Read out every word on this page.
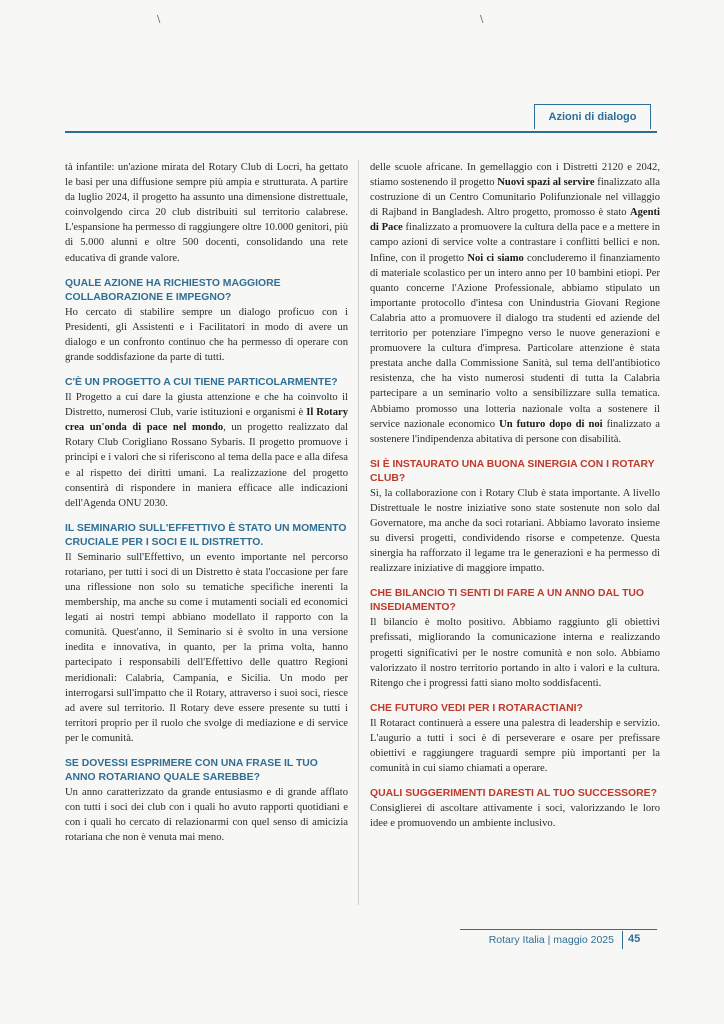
\	\
Azioni di dialogo

tà infantile: un'azione mirata del Rotary Club di Locri, ha gettato le basi per una diffusione sempre più ampia e strutturata. A partire da luglio 2024, il progetto ha assunto una dimensione distrettuale, coinvolgendo circa 20 club distribuiti sul territorio calabrese. L'espansione ha permesso di raggiungere oltre 10.000 genitori, più di 5.000 alunni e oltre 500 docenti, consolidando una rete educativa di grande valore.

QUALE AZIONE HA RICHIESTO MAGGIORE COLLABORAZIONE E IMPEGNO?

Ho cercato di stabilire sempre un dialogo proficuo con i Presidenti, gli Assistenti e i Facilitatori in modo di avere un dialogo e un confronto continuo che ha permesso di operare con grande soddisfazione da parte di tutti.

C'È UN PROGETTO A CUI TIENE PARTICOLARMENTE?

Il Progetto a cui dare la giusta attenzione e che ha coinvolto il Distretto, numerosi Club, varie istituzioni e organismi è Il Rotary crea un'onda di pace nel mondo, un progetto realizzato dal Rotary Club Corigliano Rossano Sybaris. Il progetto promuove i principi e i valori che si riferiscono al tema della pace e alla difesa e al rispetto dei diritti umani. La realizzazione del progetto consentirà di rispondere in maniera efficace alle indicazioni dell'Agenda ONU 2030.

IL SEMINARIO SULL'EFFETTIVO È STATO UN MOMENTO CRUCIALE PER I SOCI E IL DISTRETTO.

Il Seminario sull'Effettivo, un evento importante nel percorso rotariano, per tutti i soci di un Distretto è stata l'occasione per fare una riflessione non solo su tematiche specifiche inerenti la membership, ma anche su come i mutamenti sociali ed economici legati ai nostri tempi abbiano modellato il rapporto con la comunità. Quest'anno, il Seminario si è svolto in una versione inedita e innovativa, in quanto, per la prima volta, hanno partecipato i responsabili dell'Effettivo delle quattro Regioni meridionali: Calabria, Campania, e Sicilia. Un modo per interrogarsi sull'impatto che il Rotary, attraverso i suoi soci, riesce ad avere sul territorio. Il Rotary deve essere presente su tutti i territori proprio per il ruolo che svolge di mediazione e di service per le comunità.

SE DOVESSI ESPRIMERE CON UNA FRASE IL TUO ANNO ROTARIANO QUALE SAREBBE?

Un anno caratterizzato da grande entusiasmo e di grande afflato con tutti i soci dei club con i quali ho avuto rapporti quotidiani e con i quali ho cercato di relazionarmi con quel senso di amicizia rotariana che non è venuta mai meno.

delle scuole africane. In gemellaggio con i Distretti 2120 e 2042, stiamo sostenendo il progetto Nuovi spazi al servire finalizzato alla costruzione di un Centro Comunitario Polifunzionale nel villaggio di Rajband in Bangladesh. Altro progetto, promosso è stato Agenti di Pace finalizzato a promuovere la cultura della pace e a mettere in campo azioni di service volte a contrastare i conflitti bellici e non. Infine, con il progetto Noi ci siamo concluderemo il finanziamento di materiale scolastico per un intero anno per 10 bambini etiopi. Per quanto concerne l'Azione Professionale, abbiamo stipulato un importante protocollo d'intesa con Unindustria Giovani Regione Calabria atto a promuovere il dialogo tra studenti ed aziende del territorio per potenziare l'impegno verso le nuove generazioni e promuovere la cultura d'impresa. Particolare attenzione è stata prestata anche dalla Commissione Sanità, sul tema dell'antibiotico resistenza, che ha visto numerosi studenti di tutta la Calabria partecipare a un seminario volto a sensibilizzare sulla tematica. Abbiamo promosso una lotteria nazionale volta a sostenere il service nazionale economico Un futuro dopo di noi finalizzato a sostenere l'indipendenza abitativa di persone con disabilità.

SI È INSTAURATO UNA BUONA SINERGIA CON I ROTARY CLUB?

Sì, la collaborazione con i Rotary Club è stata importante. A livello Distrettuale le nostre iniziative sono state sostenute non solo dal Governatore, ma anche da soci rotariani. Abbiamo lavorato insieme su diversi progetti, condividendo risorse e competenze. Questa sinergia ha rafforzato il legame tra le generazioni e ha permesso di realizzare iniziative di maggiore impatto.

CHE BILANCIO TI SENTI DI FARE A UN ANNO DAL TUO INSEDIAMENTO?

Il bilancio è molto positivo. Abbiamo raggiunto gli obiettivi prefissati, migliorando la comunicazione interna e realizzando progetti significativi per le nostre comunità e non solo. Abbiamo valorizzato il nostro territorio portando in alto i valori e la cultura. Ritengo che i progressi fatti siano molto soddisfacenti.

CHE FUTURO VEDI PER I ROTARACTIANI?

Il Rotaract continuerà a essere una palestra di leadership e servizio. L'augurio a tutti i soci è di perseverare e osare per prefissare obiettivi e raggiungere traguardi sempre più importanti per la comunità in cui siamo chiamati a operare.

QUALI SUGGERIMENTI DARESTI AL TUO SUCCESSORE?

Consiglierei di ascoltare attivamente i soci, valorizzando le loro idee e promuovendo un ambiente inclusivo.

Rotary Italia | maggio 2025 45
